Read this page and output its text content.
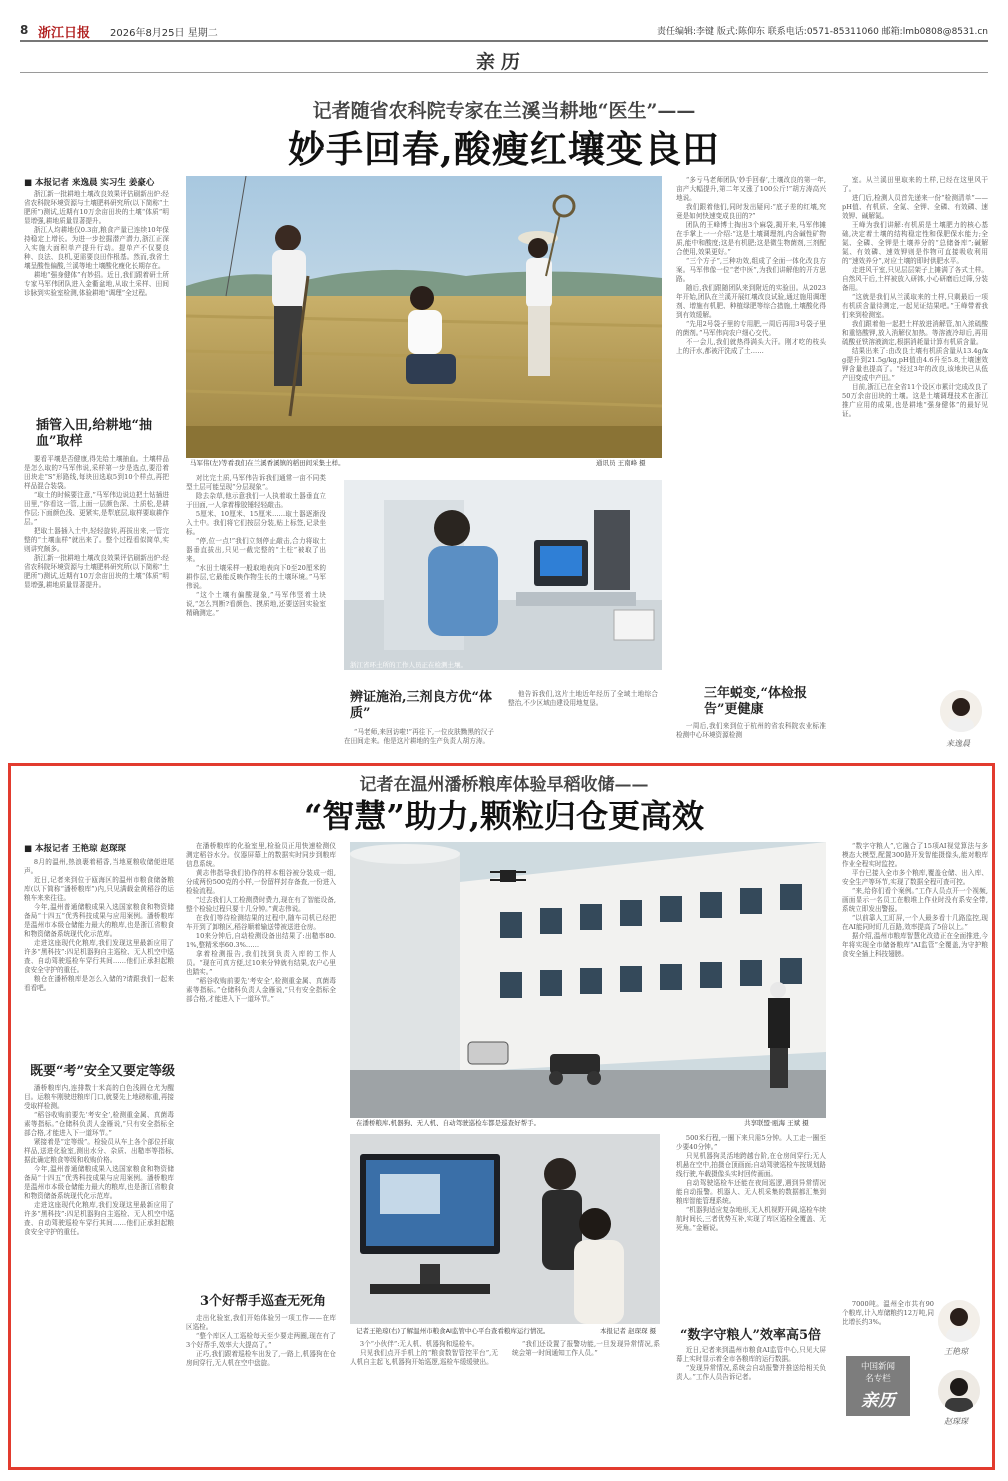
8 浙江日报 2026年8月25日 星期二	责任编辑:李键 版式:陈仰东 联系电话:0571-85311060 邮箱:lmb0808@8531.cn
亲历
记者随省农科院专家在兰溪当耕地“医生”——
妙手回春,酸瘦红壤变良田
■ 本报记者 来逸晨 实习生 姜豪心

浙江新一批耕地土壤改良效果评估刷新出炉:经省农科院环境资源与土壤肥料研究所(以下简称“土肥所”)测试,近期有10万余亩田块的土壤“体质”明显增强,耕地质量显著提升。

浙江人均耕地仅0.3亩,粮食产量已连续10年保持稳定上增长。为进一步挖掘潜产潜力,浙江正深入实施大面积单产提升行动。提单产不仅要良种、良法、良机,更需要良田作根基。然而,我省土壤呈酸性偏酸,兰溪等地土壤酸化瘦化长期存在。

耕地“强身健体”有妙招。近日,我们跟着研土所专家马军伟团队进入金衢盆地,从取土采样、田间诊脉到实验室检测,体验耕地“调理”全过程。

插管入田,给耕地“抽血”取样

要看平壤是否健康,得先给土壤抽血。土壤样品是怎么取的?马军伟说,采样第一步是选点,要沿着田块走“S”形路线,每块田选取5到10个样点,再把样品混合装袋。

“取土的时候要注意,”马军伟边说边把土钻插进田里,“你看这一管,上面一层颜色深、土质松,是耕作层;下面颜色浅、更紧实,是犁底层,取样要取耕作层。”

把取土器插入土中,轻轻旋转,再拔出来,一管完整的“土壤血样”就出来了。整个过程看似简单,实则讲究颇多。

浙江新一批耕地土壤改良效果评估刷新出炉:经省农科院环境资源与土壤肥料研究所(以下简称“土肥所”)测试,近期有10万余亩田块的土壤“体质”明显增强,耕地质量显著提升。

马军伟(左)等看我们在兰溪香溪镇的稻田间采集土样。	通讯员 王南峰 摄

对比完土质,马军伟告诉我们通常一亩不同类型土层可能呈现“分层现象”。

除去杂草,他示意我们一人执着取土器垂直立于田面,一人拿着橡胶锤轻轻敲击。

5厘米、10厘米、15厘米……取土器逐渐没入土中。我们将它们按层分装,贴上标签,记录坐标。

“停,位一点!”我们立刻停止敲击,合力将取土器垂直拔出,只见一截完整的“土柱”被取了出来。

“水田土壤采样一般取地表向下0至20厘米的耕作层,它最能反映作物生长的土壤环境。”马军伟说。

“这个土壤有偏酸现象,”马军伟竖着土块说,“怎么判断?看颜色、摸质地,还要送回实验室精确测定。”

浙江省环土所的工作人员正在检测土壤。
辨证施治,三剂良方优“体质”

“马老师,来回访啦!”再往下,一位皮肤黝黑的汉子在田间走来。他是这片耕地的生产负责人胡方涛。

他告诉我们,这片土地近年经历了全域土地综合整治,不少区域由建设用地复垦。

“多亏马老师团队‘妙手回春’,土壤改良的第一年,亩产大幅提升,第二年又涨了100公斤!”胡方涛高兴地说。

我们跟着他们,同时发出疑问:“底子差的红壤,究竟是如何快速变成良田的?”

团队的王峰博士掏出3个麻袋,揭开来,马军伟摊在手掌上一一介绍:“这是土壤调理剂,内含碱性矿物质,能中和酸度;这是有机肥;这是微生物菌剂,三剂配合使用,效果更好。”

“三个方子”,三种功效,组成了全面一体化改良方案。马军伟像一位“老中医”,为我们讲解他的开方思路。

随后,我们跟随团队来到附近的实验田。从2023年开始,团队在兰溪开展红壤改良试验,通过施用调理剂、增施有机肥、种植绿肥等综合措施,土壤酸化得到有效缓解。

“先用2号袋子里的专用肥,一周后再用3号袋子里的菌剂。”马军伟向农户细心交代。

不一会儿,我们就热得满头大汗。刚才吃的枝头上的汗水,都被汗洗成了土……

三年蜕变,“体检报告”更健康

一周后,我们来到位于杭州的省农科院农业标准检测中心环境资源检测

室。从兰溪田里取来的土样,已经在这里风干了。

进门后,检测人员首先递来一份“检测清单”——pH值、有机质、全氮、全钾、全磷、有效磷、速效钾、碱解氮。

王峰为我们讲解:有机质是土壤肥力的核心基础,决定着土壤的结构稳定性和保肥保水能力;全氮、全磷、全钾是土壤养分的“总储备库”;碱解氮、有效磷、速效钾则是作物可直接吸收利用的“速效养分”,对应土壤的即时供肥水平。

走进风干室,只见层层架子上摊满了各式土样。自然风干后,土样被放入研钵,小心研磨后过筛,分装备用。

“这就是我们从兰溪取来的土样,只剩最后一项有机质含量待测定,一起见证结果吧。”王峰带着我们来到检测室。

我们跟着他一起把土样放进消解管,加入浓硫酸和重铬酸钾,放入消解仪加热。等溶液冷却后,再用硫酸亚铁溶液滴定,根据消耗量计算有机质含量。

结果出来了:由改良土壤有机质含量从13.4g/kg提升到21.5g/kg,pH值由4.6升至5.8,土壤速效钾含量也提高了。“经过3年的改良,该地块已从低产田变成中产田。”

目前,浙江已在全省11个设区市累计完成改良了50万余亩田块的土壤。这是土壤调理技术在浙江推广应用的成果,也是耕地“强身健体”的最好见证。

来逸晨
记者在温州潘桥粮库体验早稻收储——
“智慧”助力,颗粒归仓更高效
■ 本报记者 王艳琼 赵琛琛

8月的温州,热浪裹着稻香,当地夏粮收储便进尾声。

近日,记者来到位于瓯海区的温州市粮食储备粮库(以下简称“潘桥粮库”)内,只见满载金黄稻谷的运粮车来来往往。

今年,温州普通储粮成果入选国家粮食和物资储备局“十四五”优秀科技成果与应用案例。潘桥粮库是温州市本级仓储能力最大的粮库,也是浙江省粮食和物资储备系统现代化示范库。

走进这座现代化粮库,我们发现这里最新应用了许多“黑科技”:四足机器狗自主巡检、无人机空中巡查、自动驾驶巡检车穿行其间……他们正承担起粮食安全守护的重任。

粮仓在潘桥粮库是怎么入储的?请跟我们一起来看看吧。

既要“考”安全又要定等级

潘桥粮库内,连排数十米高的白色浅圆仓尤为醒目。运粮车刚驶进粮库门口,就要先上地磅称重,再接受取样检测。

“稻谷收购前要先‘考安全’,检测重金属、真菌毒素等指标。”仓储科负责人金雁说,“只有安全指标全部合格,才能进入下一道环节。”

紧接着是“定等级”。检验员从车上各个部位扦取样品,送进化验室,测出水分、杂质、出糙率等指标,据此确定粮食等级和收购价格。

今年,温州普通储粮成果入选国家粮食和物资储备局“十四五”优秀科技成果与应用案例。潘桥粮库是温州市本级仓储能力最大的粮库,也是浙江省粮食和物资储备系统现代化示范库。

走进这座现代化粮库,我们发现这里最新应用了许多“黑科技”:四足机器狗自主巡检、无人机空中巡查、自动驾驶巡检车穿行其间……他们正承担起粮食安全守护的重任。

在潘桥粮库的化验室里,检验员正用快速检测仪测定稻谷水分。仪器屏幕上的数据实时同步到粮库信息系统。

黄志伟指导我们协作的样本粗谷被分装成一组,分成两份500克的小样,一份留样封存备查,一份进入检验流程。

“过去我们人工检测费时费力,现在有了智能设备,整个检验过程只要十几分钟。”黄志伟说。

在我们等待检测结果的过程中,随车司机已经把车开到了卸粮区,稻谷顺着输送带被送进仓房。

10来分钟后,自动检测设备出结果了:出糙率80.1%,整精米率60.3%……

拿着检测报告,我们找到负责入库的工作人员。“现在可真方便,过10来分钟就有结果,农户心里也踏实。”

“稻谷收购前要先‘考安全’,检测重金属、真菌毒素等指标。”仓储科负责人金雁说,“只有安全指标全部合格,才能进入下一道环节。”

3个好帮手巡查无死角

走出化验室,我们开始体验另一项工作——在库区巡检。

“整个库区人工巡检每天至少要走两圈,现在有了3个好帮手,效率大大提高了。”

正巧,我们跟着巡检车出发了,一路上,机器狗在仓房间穿行,无人机在空中盘旋。

在潘桥粮库,机器狗、无人机、自动驾驶巡检车都是巡查好帮手。	共享联盟·瓯海 王斌 摄
记者王艳琼(右)了解温州市粮食AI监管中心平台查看粮库运行情况。	本报记者 赵琛琛 摄

3个“小伙伴”:无人机、机器狗和巡检车。

只见我们点开手机上的“粮食数智管控平台”,无人机自主起飞,机器狗开始巡逻,巡检车缓缓驶出。

“我们还设置了报警功能,一旦发现异常情况,系统会第一时间通知工作人员。”

500米行程,一圈下来只需5分钟。人工走一圈至少要40分钟。”

只见机器狗灵活地跨越台阶,在仓房间穿行;无人机悬在空中,拍摄仓顶画面;自动驾驶巡检车按规划路线行驶,车载摄像头实时回传画面。

自动驾驶巡检车还能在夜间巡逻,遇到异常情况能自动报警。机器人、无人机采集的数据都汇集到粮库智能管理系统。

“机器狗适应复杂地形,无人机视野开阔,巡检车续航时间长,三者优势互补,实现了库区巡检全覆盖、无死角。”金雁说。

“数字守粮人”效率高5倍

近日,记者来到温州市粮食AI监管中心,只见大屏幕上实时显示着全市各粮库的运行数据。

“发现异常情况,系统会自动报警并推送给相关负责人。”工作人员告诉记者。

“数字守粮人”,它融合了15项AI视觉算法与多模态大模型,配置300路开发智能摄像头,能对粮库作业全程实时监控。

平台已接入全市多个粮库,覆盖仓储、出入库、安全生产等环节,实现了数据全程可查可控。

“来,给你们看个案例。”工作人员点开一个视频,画面显示一名员工在粮堆上作业时没有系安全带,系统立即发出警报。

“以前靠人工盯屏,一个人最多看十几路监控,现在AI能同时盯几百路,效率提高了5倍以上。”

据介绍,温州市粮库智慧化改造正在全面推进,今年将实现全市储备粮库“AI监管”全覆盖,为守护粮食安全插上科技翅膀。

7000吨。温州全市共有90个粮库,计入库储粮约12万吨,同比增长约3%。

王艳琼
赵琛琛
中国新闻
名专栏
亲历
